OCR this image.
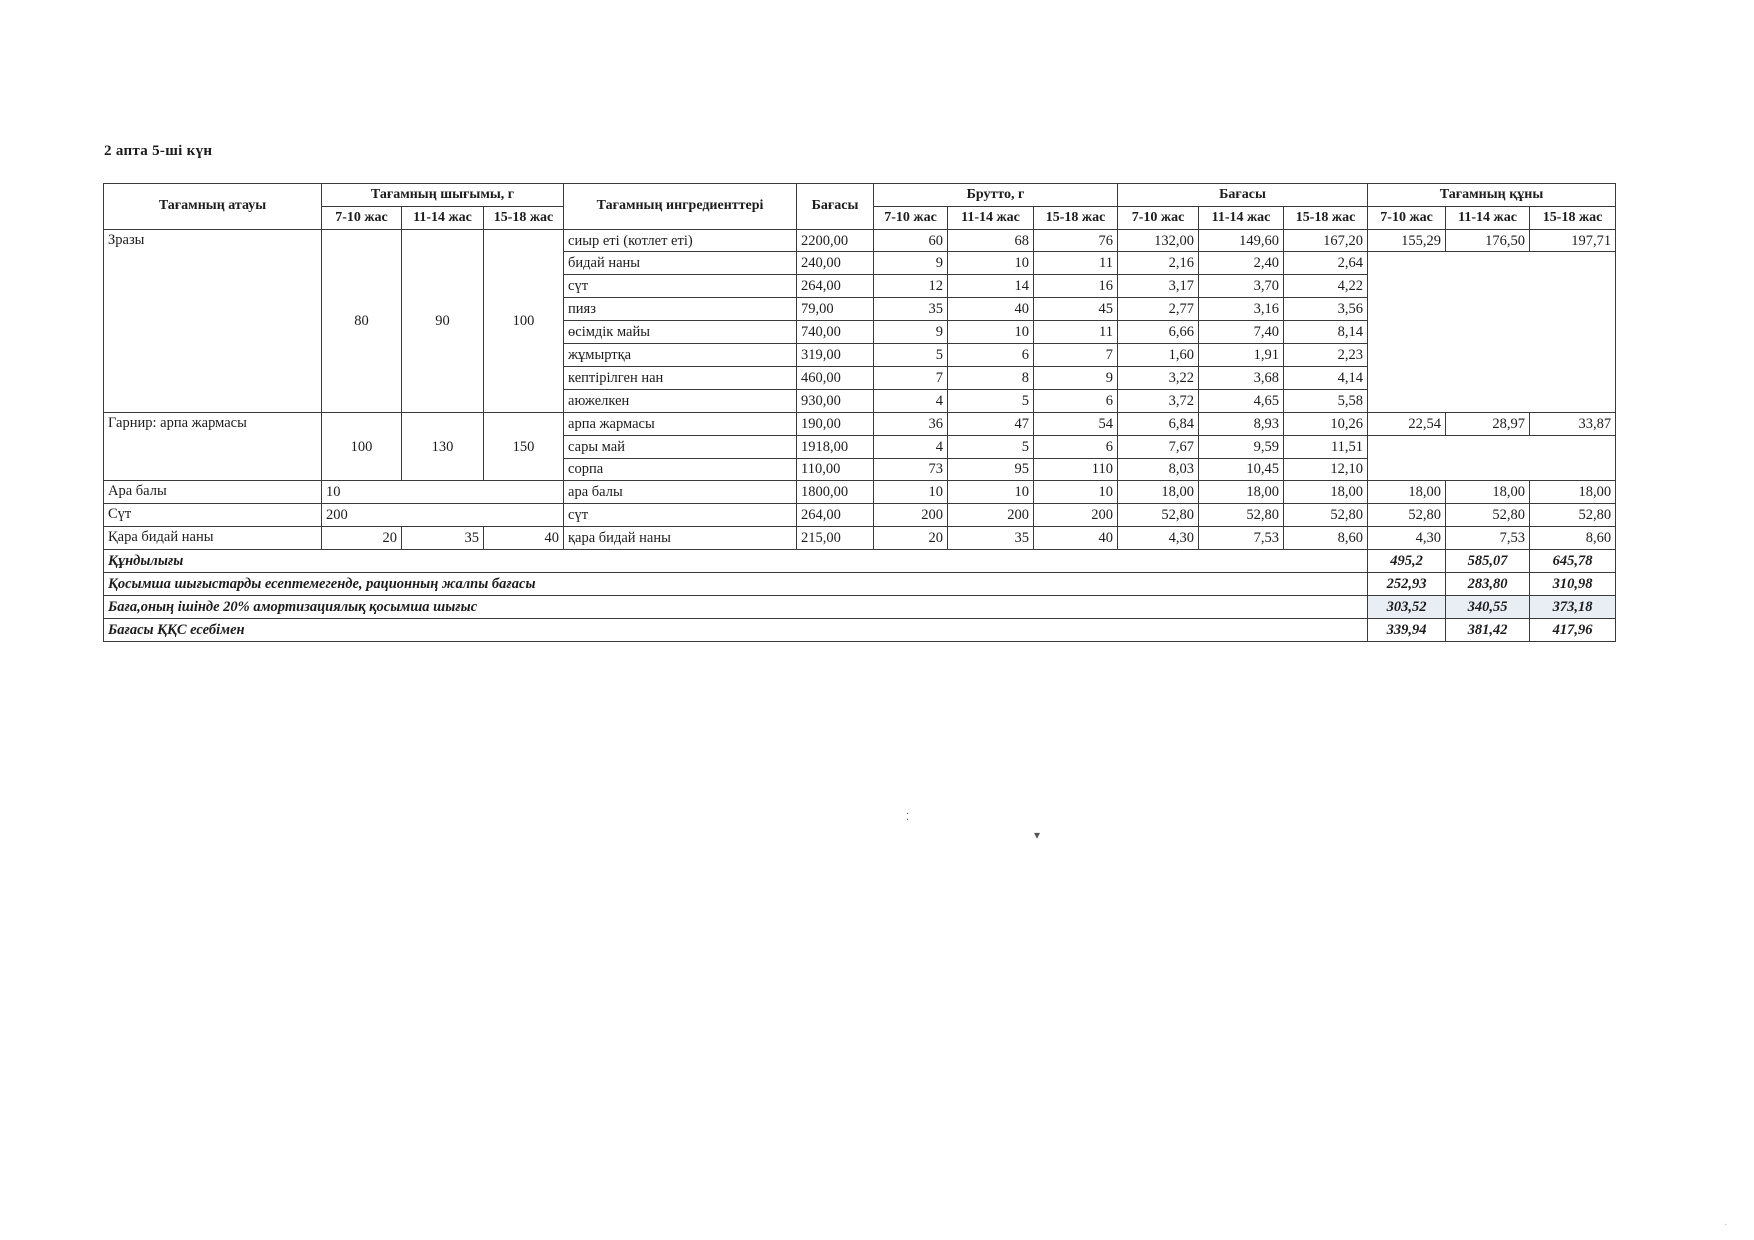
2 апта 5-ші күн
Тағамның атауы	Тағамның шығымы, г			Тағамның ингредиенттері	Бағасы	Брутто, г			Бағасы			Тағамның құны		
	7-10 жас	11-14 жас	15-18 жас			7-10 жас	11-14 жас	15-18 жас	7-10 жас	11-14 жас	15-18 жас	7-10 жас	11-14 жас	15-18 жас
Зразы	80	90	100	сиыр еті (котлет еті)	2200,00	60	68	76	132,00	149,60	167,20	155,29	176,50	197,71
				бидай наны	240,00	9	10	11	2,16	2,40	2,64			
				сүт	264,00	12	14	16	3,17	3,70	4,22			
				пияз	79,00	35	40	45	2,77	3,16	3,56			
				өсімдік майы	740,00	9	10	11	6,66	7,40	8,14			
				жұмыртқа	319,00	5	6	7	1,60	1,91	2,23			
				кептірілген нан	460,00	7	8	9	3,22	3,68	4,14			
				аюжелкен	930,00	4	5	6	3,72	4,65	5,58			
Гарнир: арпа жармасы	100	130	150	арпа жармасы	190,00	36	47	54	6,84	8,93	10,26	22,54	28,97	33,87
				сары май	1918,00	4	5	6	7,67	9,59	11,51			
				сорпа	110,00	73	95	110	8,03	10,45	12,10			
Ара балы	10			ара балы	1800,00	10	10	10	18,00	18,00	18,00	18,00	18,00	18,00
Сүт	200			сүт	264,00	200	200	200	52,80	52,80	52,80	52,80	52,80	52,80
Қара бидай наны	20	35	40	қара бидай наны	215,00	20	35	40	4,30	7,53	8,60	4,30	7,53	8,60
Құндылығы												495,2	585,07	645,78
Қосымша шығыстарды есептемегенде, рационның жалпы бағасы												252,93	283,80	310,98
Баға,оның ішінде 20% амортизациялық қосымша шығыс												303,52	340,55	373,18
Бағасы ҚҚС есебімен												339,94	381,42	417,96
⁚
▾
·
